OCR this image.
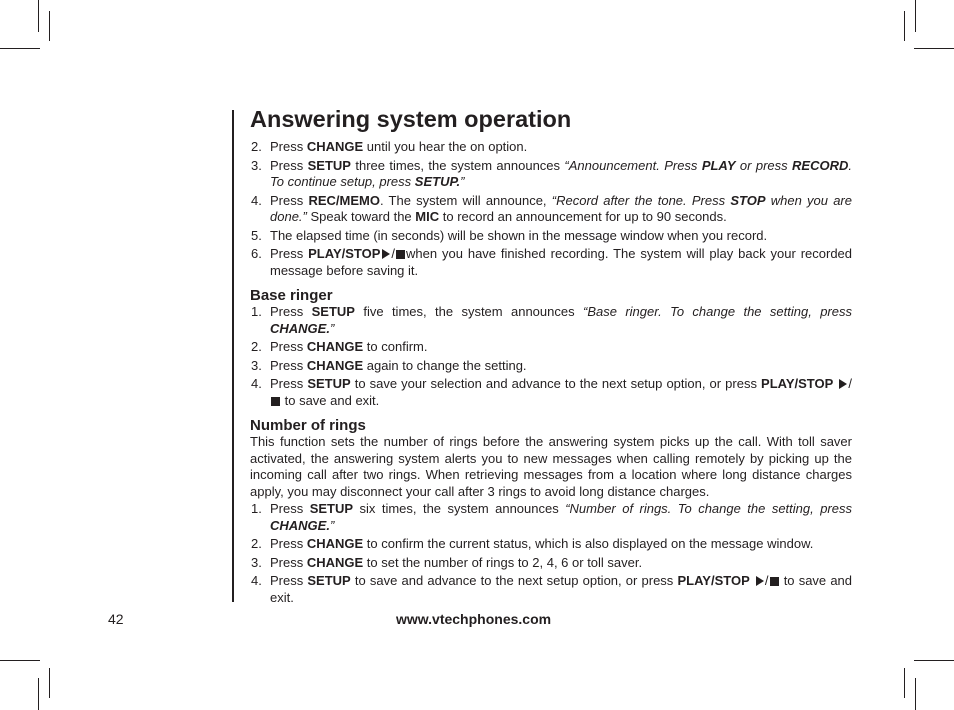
Answering system operation
2. Press CHANGE until you hear the on option.
3. Press SETUP three times, the system announces “Announcement. Press PLAY or press RECORD. To continue setup, press SETUP.”
4. Press REC/MEMO. The system will announce, “Record after the tone. Press STOP when you are done.” Speak toward the MIC to record an announcement for up to 90 seconds.
5. The elapsed time (in seconds) will be shown in the message window when you record.
6. Press PLAY/STOP / when you have finished recording. The system will play back your recorded message before saving it.
Base ringer
1. Press SETUP five times, the system announces “Base ringer. To change the setting, press CHANGE.”
2. Press CHANGE to confirm.
3. Press CHANGE again to change the setting.
4. Press SETUP to save your selection and advance to the next setup option, or press PLAY/STOP / to save and exit.
Number of rings

This function sets the number of rings before the answering system picks up the call. With toll saver activated, the answering system alerts you to new messages when calling remotely by picking up the incoming call after two rings. When retrieving messages from a location where long distance charges apply, you may disconnect your call after 3 rings to avoid long distance charges.

1. Press SETUP six times, the system announces “Number of rings. To change the setting, press CHANGE.”
2. Press CHANGE to confirm the current status, which is also displayed on the message window.
3. Press CHANGE to set the number of rings to 2, 4, 6 or toll saver.
4. Press SETUP to save and advance to the next setup option, or press PLAY/STOP / to save and exit.
42	www.vtechphones.com
